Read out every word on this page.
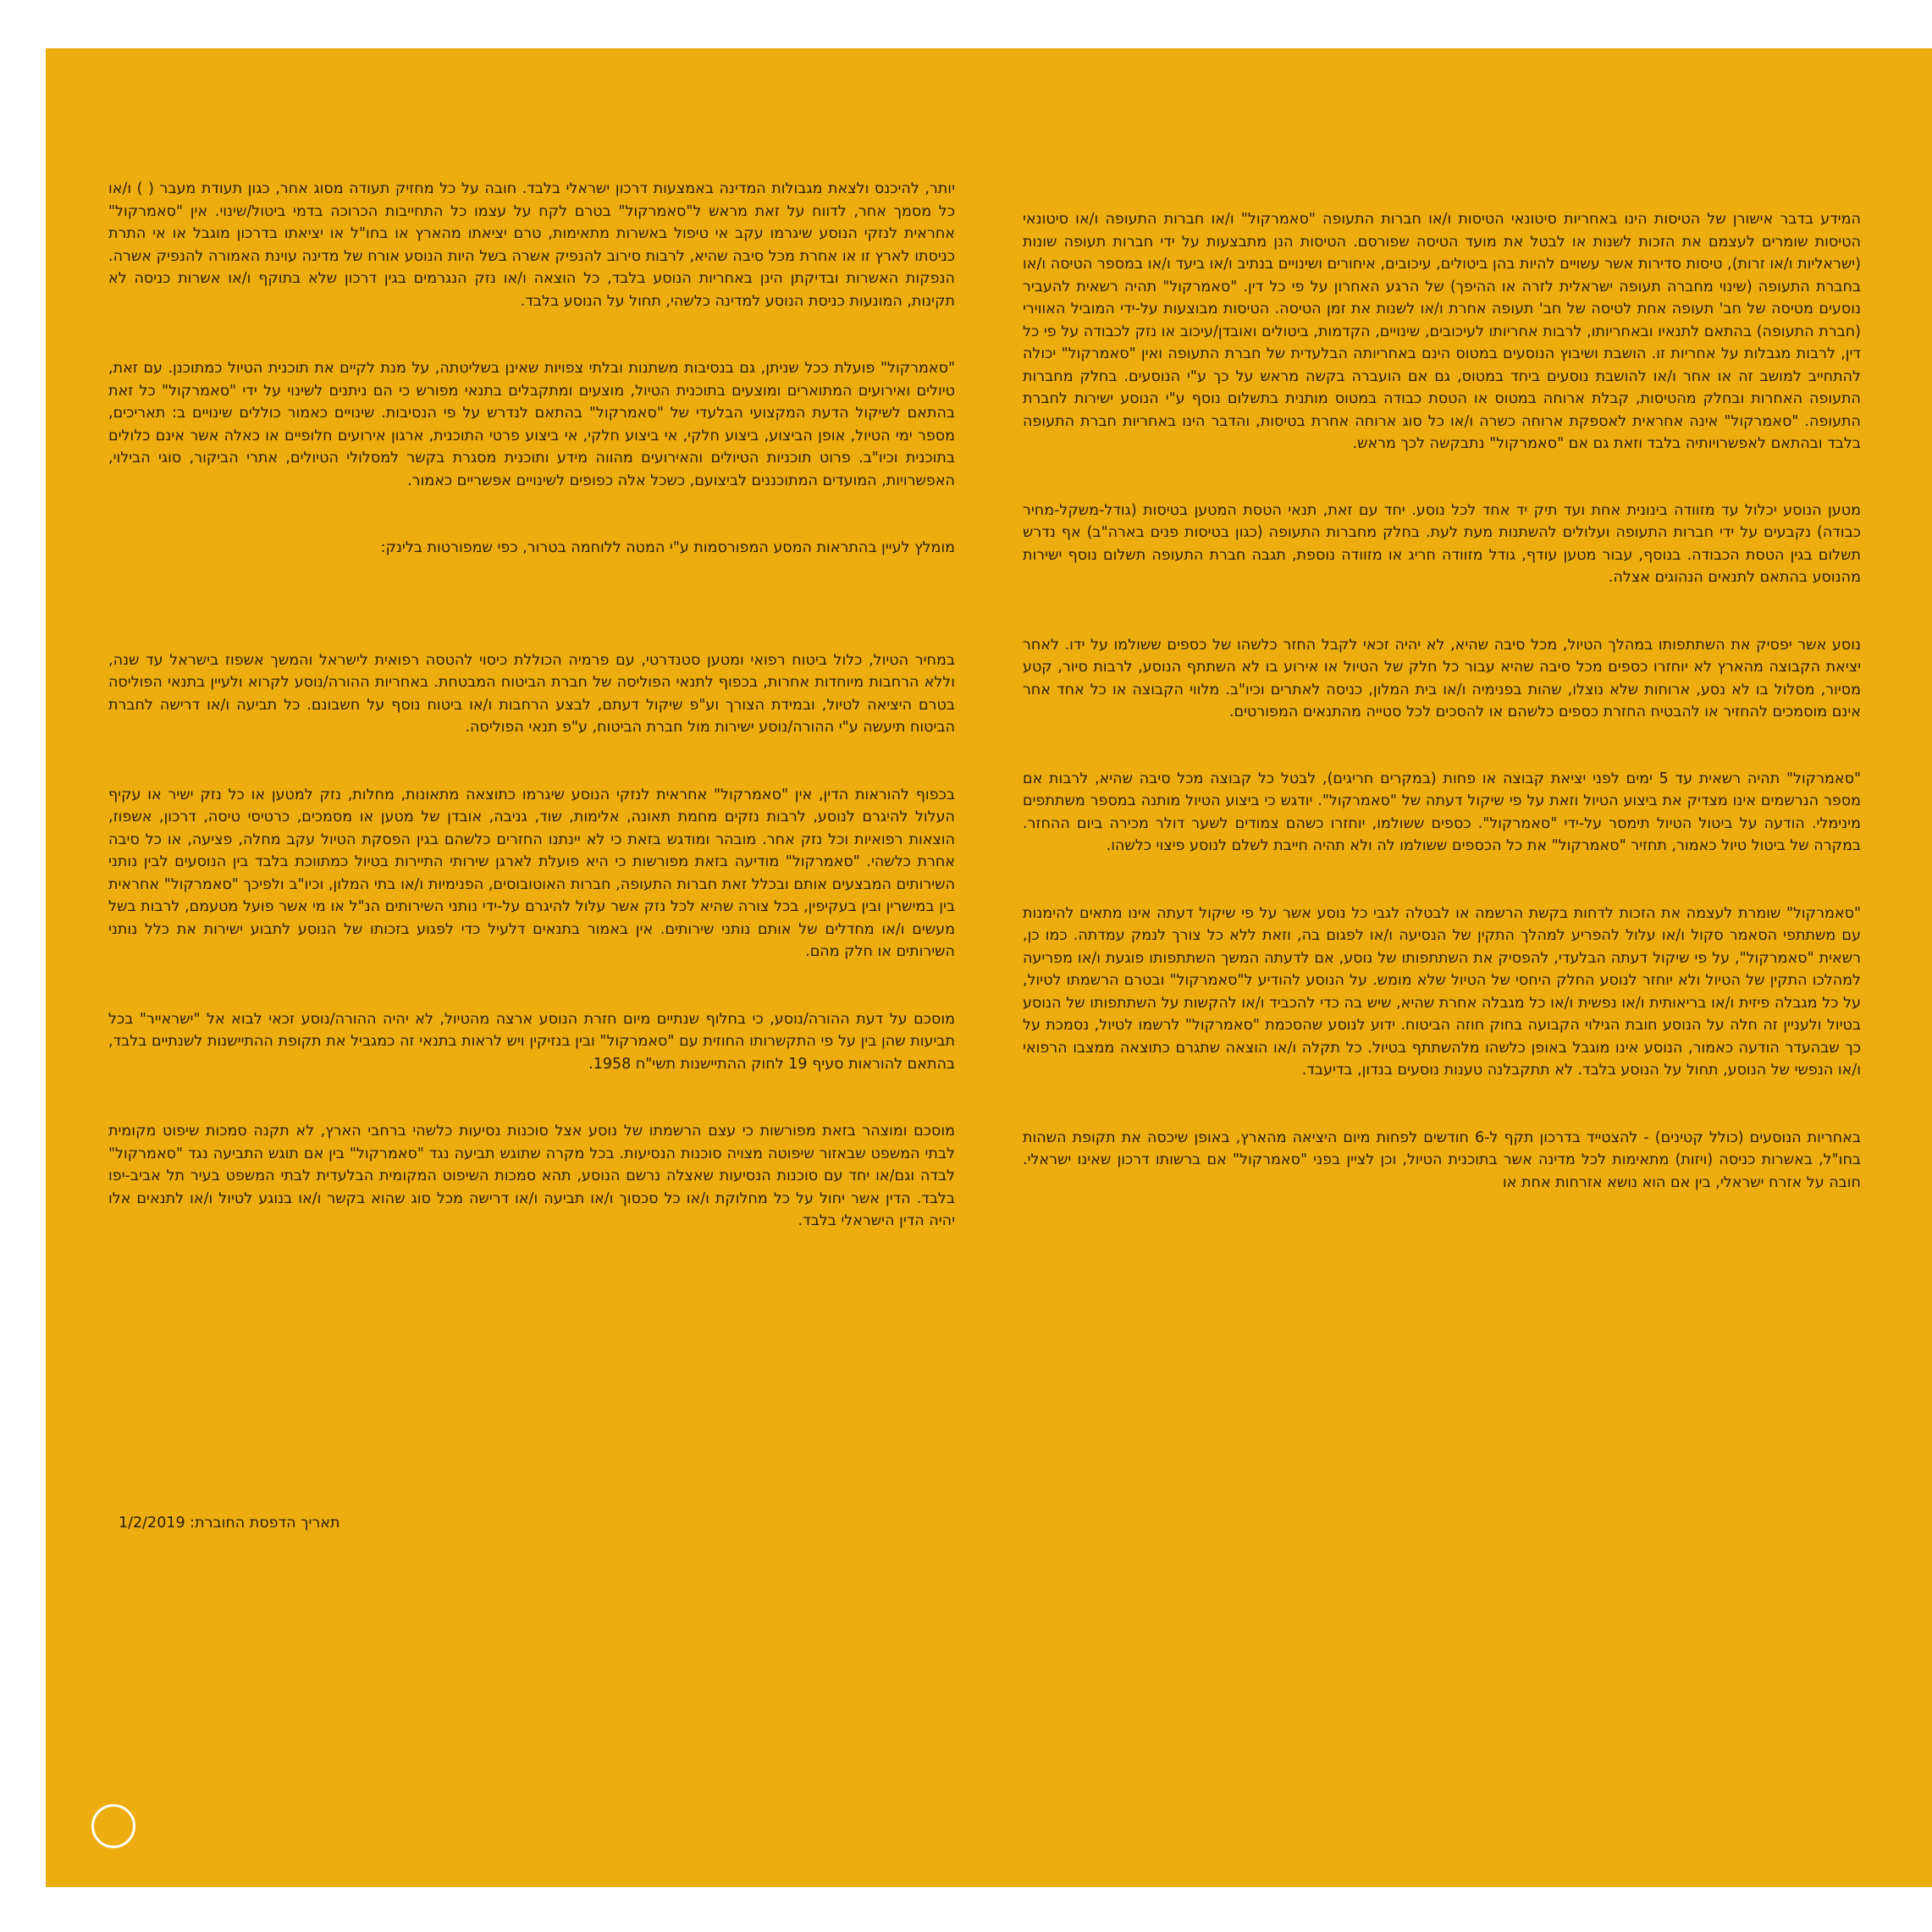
המידע בדבר אישורן של הטיסות הינו באחריות סיטונאי הטיסות ו/או חברות התעופה "סאמרקול" ו/או חברות התעופה ו/או סיטונאי הטיסות שומרים לעצמם את הזכות לשנות או לבטל את מועד הטיסה שפורסם. הטיסות הנן מתבצעות על ידי חברות תעופה שונות (ישראליות ו/או זרות), טיסות סדירות אשר עשויים להיות בהן ביטולים, עיכובים, איחורים ושינויים בנתיב ו/או ביעד ו/או במספר הטיסה ו/או בחברת התעופה (שינוי מחברה תעופה ישראלית לזרה או ההיפך) של הרגע האחרון על פי כל דין. "סאמרקול" תהיה רשאית להעביר נוסעים מטיסה של חב' תעופה אחת לטיסה של חב' תעופה אחרת ו/או לשנות את זמן הטיסה. הטיסות מבוצעות על-ידי המוביל האווירי (חברת התעופה) בהתאם לתנאיו ובאחריותו, לרבות אחריותו לעיכובים, שינויים, הקדמות, ביטולים ואובדן/עיכוב או נזק לכבודה על פי כל דין, לרבות מגבלות על אחריות זו. הושבת ושיבוץ הנוסעים במטוס הינם באחריותה הבלעדית של חברת התעופה ואין "סאמרקול" יכולה להתחייב למושב זה או אחר ו/או להושבת נוסעים ביחד במטוס, גם אם הועברה בקשה מראש על כך ע"י הנוסעים. בחלק מחברות התעופה האחרות ובחלק מהטיסות, קבלת ארוחה במטוס או הטסת כבודה במטוס מותנית בתשלום נוסף ע"י הנוסע ישירות לחברת התעופה. "סאמרקול" אינה אחראית לאספקת ארוחה כשרה ו/או כל סוג ארוחה אחרת בטיסות, והדבר הינו באחריות חברת התעופה בלבד ובהתאם לאפשרויותיה בלבד וזאת גם אם "סאמרקול" נתבקשה לכך מראש.

מטען הנוסע יכלול עד מזוודה בינונית אחת ועד תיק יד אחד לכל נוסע. יחד עם זאת, תנאי הטסת המטען בטיסות (גודל-משקל-מחיר כבודה) נקבעים על ידי חברות התעופה ועלולים להשתנות מעת לעת. בחלק מחברות התעופה (כגון בטיסות פנים בארה"ב) אף נדרש תשלום בגין הטסת הכבודה. בנוסף, עבור מטען עודף, גודל מזוודה חריג או מזוודה נוספת, תגבה חברת התעופה תשלום נוסף ישירות מהנוסע בהתאם לתנאים הנהוגים אצלה.

נוסע אשר יפסיק את השתתפותו במהלך הטיול, מכל סיבה שהיא, לא יהיה זכאי לקבל החזר כלשהו של כספים ששולמו על ידו. לאחר יציאת הקבוצה מהארץ לא יוחזרו כספים מכל סיבה שהיא עבור כל חלק של הטיול או אירוע בו לא השתתף הנוסע, לרבות סיור, קטע מסיור, מסלול בו לא נסע, ארוחות שלא נוצלו, שהות בפנימיה ו/או בית המלון, כניסה לאתרים וכיו"ב. מלווי הקבוצה או כל אחד אחר אינם מוסמכים להחזיר או להבטיח החזרת כספים כלשהם או להסכים לכל סטייה מהתנאים המפורטים.

"סאמרקול" תהיה רשאית עד 5 ימים לפני יציאת קבוצה או פחות (במקרים חריגים), לבטל כל קבוצה מכל סיבה שהיא, לרבות אם מספר הנרשמים אינו מצדיק את ביצוע הטיול וזאת על פי שיקול דעתה של "סאמרקול". יודגש כי ביצוע הטיול מותנה במספר משתתפים מינימלי. הודעה על ביטול הטיול תימסר על-ידי "סאמרקול". כספים ששולמו, יוחזרו כשהם צמודים לשער דולר מכירה ביום ההחזר. במקרה של ביטול טיול כאמור, תחזיר "סאמרקול" את כל הכספים ששולמו לה ולא תהיה חייבת לשלם לנוסע פיצוי כלשהו.

"סאמרקול" שומרת לעצמה את הזכות לדחות בקשת הרשמה או לבטלה לגבי כל נוסע אשר על פי שיקול דעתה אינו מתאים להימנות עם משתתפי הסאמר סקול ו/או עלול להפריע למהלך התקין של הנסיעה ו/או לפגום בה, וזאת ללא כל צורך לנמק עמדתה. כמו כן, רשאית "סאמרקול", על פי שיקול דעתה הבלעדי, להפסיק את השתתפותו של נוסע, אם לדעתה המשך השתתפותו פוגעת ו/או מפריעה למהלכו התקין של הטיול ולא יוחזר לנוסע החלק היחסי של הטיול שלא מומש. על הנוסע להודיע ל"סאמרקול" ובטרם הרשמתו לטיול, על כל מגבלה פיזית ו/או בריאותית ו/או נפשית ו/או כל מגבלה אחרת שהיא, שיש בה כדי להכביד ו/או להקשות על השתתפותו של הנוסע בטיול ולעניין זה חלה על הנוסע חובת הגילוי הקבועה בחוק חוזה הביטוח. ידוע לנוסע שהסכמת "סאמרקול" לרשמו לטיול, נסמכת על כך שבהעדר הודעה כאמור, הנוסע אינו מוגבל באופן כלשהו מלהשתתף בטיול. כל תקלה ו/או הוצאה שתגרם כתוצאה ממצבו הרפואי ו/או הנפשי של הנוסע, תחול על הנוסע בלבד. לא תתקבלנה טענות נוסעים בנדון, בדיעבד.

באחריות הנוסעים (כולל קטינים) - להצטייד בדרכון תקף ל-6 חודשים לפחות מיום היציאה מהארץ, באופן שיכסה את תקופת השהות בחו"ל, באשרות כניסה (ויזות) מתאימות לכל מדינה אשר בתוכנית הטיול, וכן לציין בפני "סאמרקול" אם ברשותו דרכון שאינו ישראלי. חובה על אזרח ישראלי, בין אם הוא נושא אזרחות אחת או

יותר, להיכנס ולצאת מגבולות המדינה באמצעות דרכון ישראלי בלבד. חובה על כל מחזיק תעודה מסוג אחר, כגון תעודת מעבר ( ) ו/או כל מסמך אחר, לדווח על זאת מראש ל"סאמרקול" בטרם לקח על עצמו כל התחייבות הכרוכה בדמי ביטול/שינוי. אין "סאמרקול" אחראית לנזקי הנוסע שיגרמו עקב אי טיפול באשרות מתאימות, טרם יציאתו מהארץ או בחו"ל או יציאתו בדרכון מוגבל או אי התרת כניסתו לארץ זו או אחרת מכל סיבה שהיא, לרבות סירוב להנפיק אשרה בשל היות הנוסע אורח של מדינה עוינת האמורה להנפיק אשרה. הנפקות האשרות ובדיקתן הינן באחריות הנוסע בלבד, כל הוצאה ו/או נזק הנגרמים בגין דרכון שלא בתוקף ו/או אשרות כניסה לא תקינות, המונעות כניסת הנוסע למדינה כלשהי, תחול על הנוסע בלבד.

"סאמרקול" פועלת ככל שניתן, גם בנסיבות משתנות ובלתי צפויות שאינן בשליטתה, על מנת לקיים את תוכנית הטיול כמתוכנן. עם זאת, טיולים ואירועים המתוארים ומוצעים בתוכנית הטיול, מוצעים ומתקבלים בתנאי מפורש כי הם ניתנים לשינוי על ידי "סאמרקול" כל זאת בהתאם לשיקול הדעת המקצועי הבלעדי של "סאמרקול" בהתאם לנדרש על פי הנסיבות. שינויים כאמור כוללים שינויים ב: תאריכים, מספר ימי הטיול, אופן הביצוע, ביצוע חלקי, אי ביצוע חלקי, אי ביצוע פרטי התוכנית, ארגון אירועים חלופיים או כאלה אשר אינם כלולים בתוכנית וכיו"ב. פרוט תוכניות הטיולים והאירועים מהווה מידע ותוכנית מסגרת בקשר למסלולי הטיולים, אתרי הביקור, סוגי הבילוי, האפשרויות, המועדים המתוכננים לביצועם, כשכל אלה כפופים לשינויים אפשריים כאמור.

מומלץ לעיין בהתראות המסע המפורסמות ע"י המטה ללוחמה בטרור, כפי שמפורטות בלינק:

במחיר הטיול, כלול ביטוח רפואי ומטען סטנדרטי, עם פרמיה הכוללת כיסוי להטסה רפואית לישראל והמשך אשפוז בישראל עד שנה, וללא הרחבות מיוחדות אחרות, בכפוף לתנאי הפוליסה של חברת הביטוח המבטחת. באחריות ההורה/נוסע לקרוא ולעיין בתנאי הפוליסה בטרם היציאה לטיול, ובמידת הצורך וע"פ שיקול דעתם, לבצע הרחבות ו/או ביטוח נוסף על חשבונם. כל תביעה ו/או דרישה לחברת הביטוח תיעשה ע"י ההורה/נוסע ישירות מול חברת הביטוח, ע"פ תנאי הפוליסה.

בכפוף להוראות הדין, אין "סאמרקול" אחראית לנזקי הנוסע שיגרמו כתוצאה מתאונות, מחלות, נזק למטען או כל נזק ישיר או עקיף העלול להיגרם לנוסע, לרבות נזקים מחמת תאונה, אלימות, שוד, גניבה, אובדן של מטען או מסמכים, כרטיסי טיסה, דרכון, אשפוז, הוצאות רפואיות וכל נזק אחר. מובהר ומודגש בזאת כי לא יינתנו החזרים כלשהם בגין הפסקת הטיול עקב מחלה, פציעה, או כל סיבה אחרת כלשהי. "סאמרקול" מודיעה בזאת מפורשות כי היא פועלת לארגן שירותי התיירות בטיול כמתווכת בלבד בין הנוסעים לבין נותני השירותים המבצעים אותם ובכלל זאת חברות התעופה, חברות האוטובוסים, הפנימיות ו/או בתי המלון, וכיו"ב ולפיכך "סאמרקול" אחראית בין במישרין ובין בעקיפין, בכל צורה שהיא לכל נזק אשר עלול להיגרם על-ידי נותני השירותים הנ"ל או מי אשר פועל מטעמם, לרבות בשל מעשים ו/או מחדלים של אותם נותני שירותים. אין באמור בתנאים דלעיל כדי לפגוע בזכותו של הנוסע לתבוע ישירות את כלל נותני השירותים או חלק מהם.

מוסכם על דעת ההורה/נוסע, כי בחלוף שנתיים מיום חזרת הנוסע ארצה מהטיול, לא יהיה ההורה/נוסע זכאי לבוא אל "ישראייר" בכל תביעות שהן בין על פי התקשרותו החוזית עם "סאמרקול" ובין בנזיקין ויש לראות בתנאי זה כמגביל את תקופת ההתיישנות לשנתיים בלבד, בהתאם להוראות סעיף 19 לחוק ההתיישנות תשי"ח 1958.

מוסכם ומוצהר בזאת מפורשות כי עצם הרשמתו של נוסע אצל סוכנות נסיעות כלשהי ברחבי הארץ, לא תקנה סמכות שיפוט מקומית לבתי המשפט שבאזור שיפוטה מצויה סוכנות הנסיעות. בכל מקרה שתוגש תביעה נגד "סאמרקול" בין אם תוגש התביעה נגד "סאמרקול" לבדה וגם/או יחד עם סוכנות הנסיעות שאצלה נרשם הנוסע, תהא סמכות השיפוט המקומית הבלעדית לבתי המשפט בעיר תל אביב-יפו בלבד. הדין אשר יחול על כל מחלוקת ו/או כל סכסוך ו/או תביעה ו/או דרישה מכל סוג שהוא בקשר ו/או בנוגע לטיול ו/או לתנאים אלו יהיה הדין הישראלי בלבד.

תאריך הדפסת החוברת: 1/2/2019
